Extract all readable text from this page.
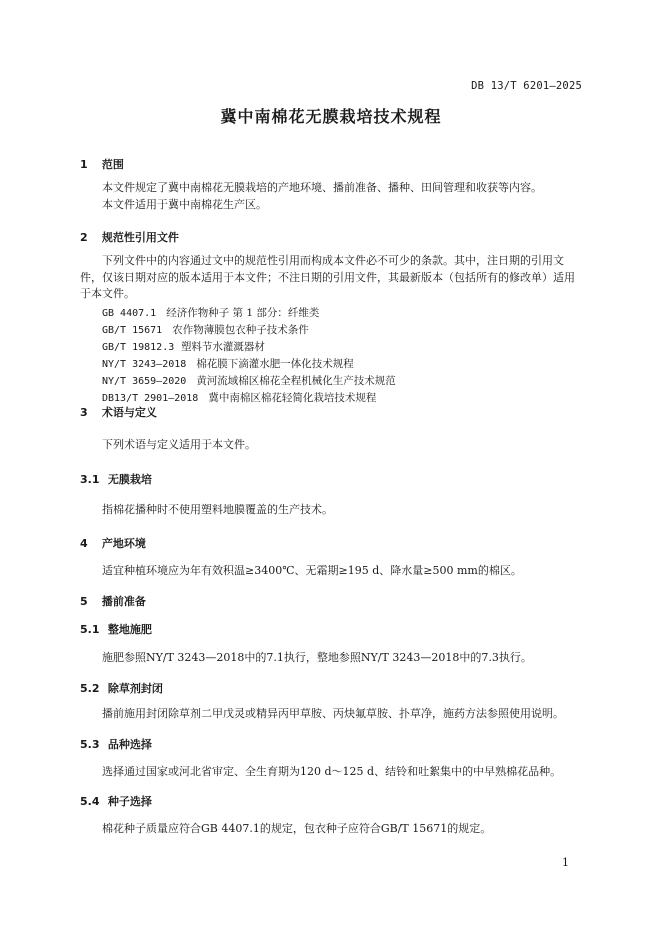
DB 13/T 6201—2025
冀中南棉花无膜栽培技术规程
1 范围
本文件规定了冀中南棉花无膜栽培的产地环境、播前准备、播种、田间管理和收获等内容。
本文件适用于冀中南棉花生产区。
2 规范性引用文件
下列文件中的内容通过文中的规范性引用而构成本文件必不可少的条款。其中，注日期的引用文件，仅该日期对应的版本适用于本文件；不注日期的引用文件，其最新版本（包括所有的修改单）适用于本文件。
GB 4407.1 经济作物种子 第 1 部分：纤维类
GB/T 15671 农作物薄膜包衣种子技术条件
GB/T 19812.3 塑料节水灌溉器材
NY/T 3243—2018 棉花膜下滴灌水肥一体化技术规程
NY/T 3659—2020 黄河流域棉区棉花全程机械化生产技术规范
DB13/T 2901—2018 冀中南棉区棉花轻简化栽培技术规程
3 术语与定义
下列术语与定义适用于本文件。
3.1 无膜栽培
指棉花播种时不使用塑料地膜覆盖的生产技术。
4 产地环境
适宜种植环境应为年有效积温≥3400℃、无霜期≥195 d、降水量≥500 mm的棉区。
5 播前准备
5.1 整地施肥
施肥参照NY/T 3243—2018中的7.1执行，整地参照NY/T 3243—2018中的7.3执行。
5.2 除草剂封闭
播前施用封闭除草剂二甲戊灵或精异丙甲草胺、丙炔氟草胺、扑草净，施药方法参照使用说明。
5.3 品种选择
选择通过国家或河北省审定、全生育期为120 d～125 d、结铃和吐絮集中的中早熟棉花品种。
5.4 种子选择
棉花种子质量应符合GB 4407.1的规定，包衣种子应符合GB/T 15671的规定。
1
